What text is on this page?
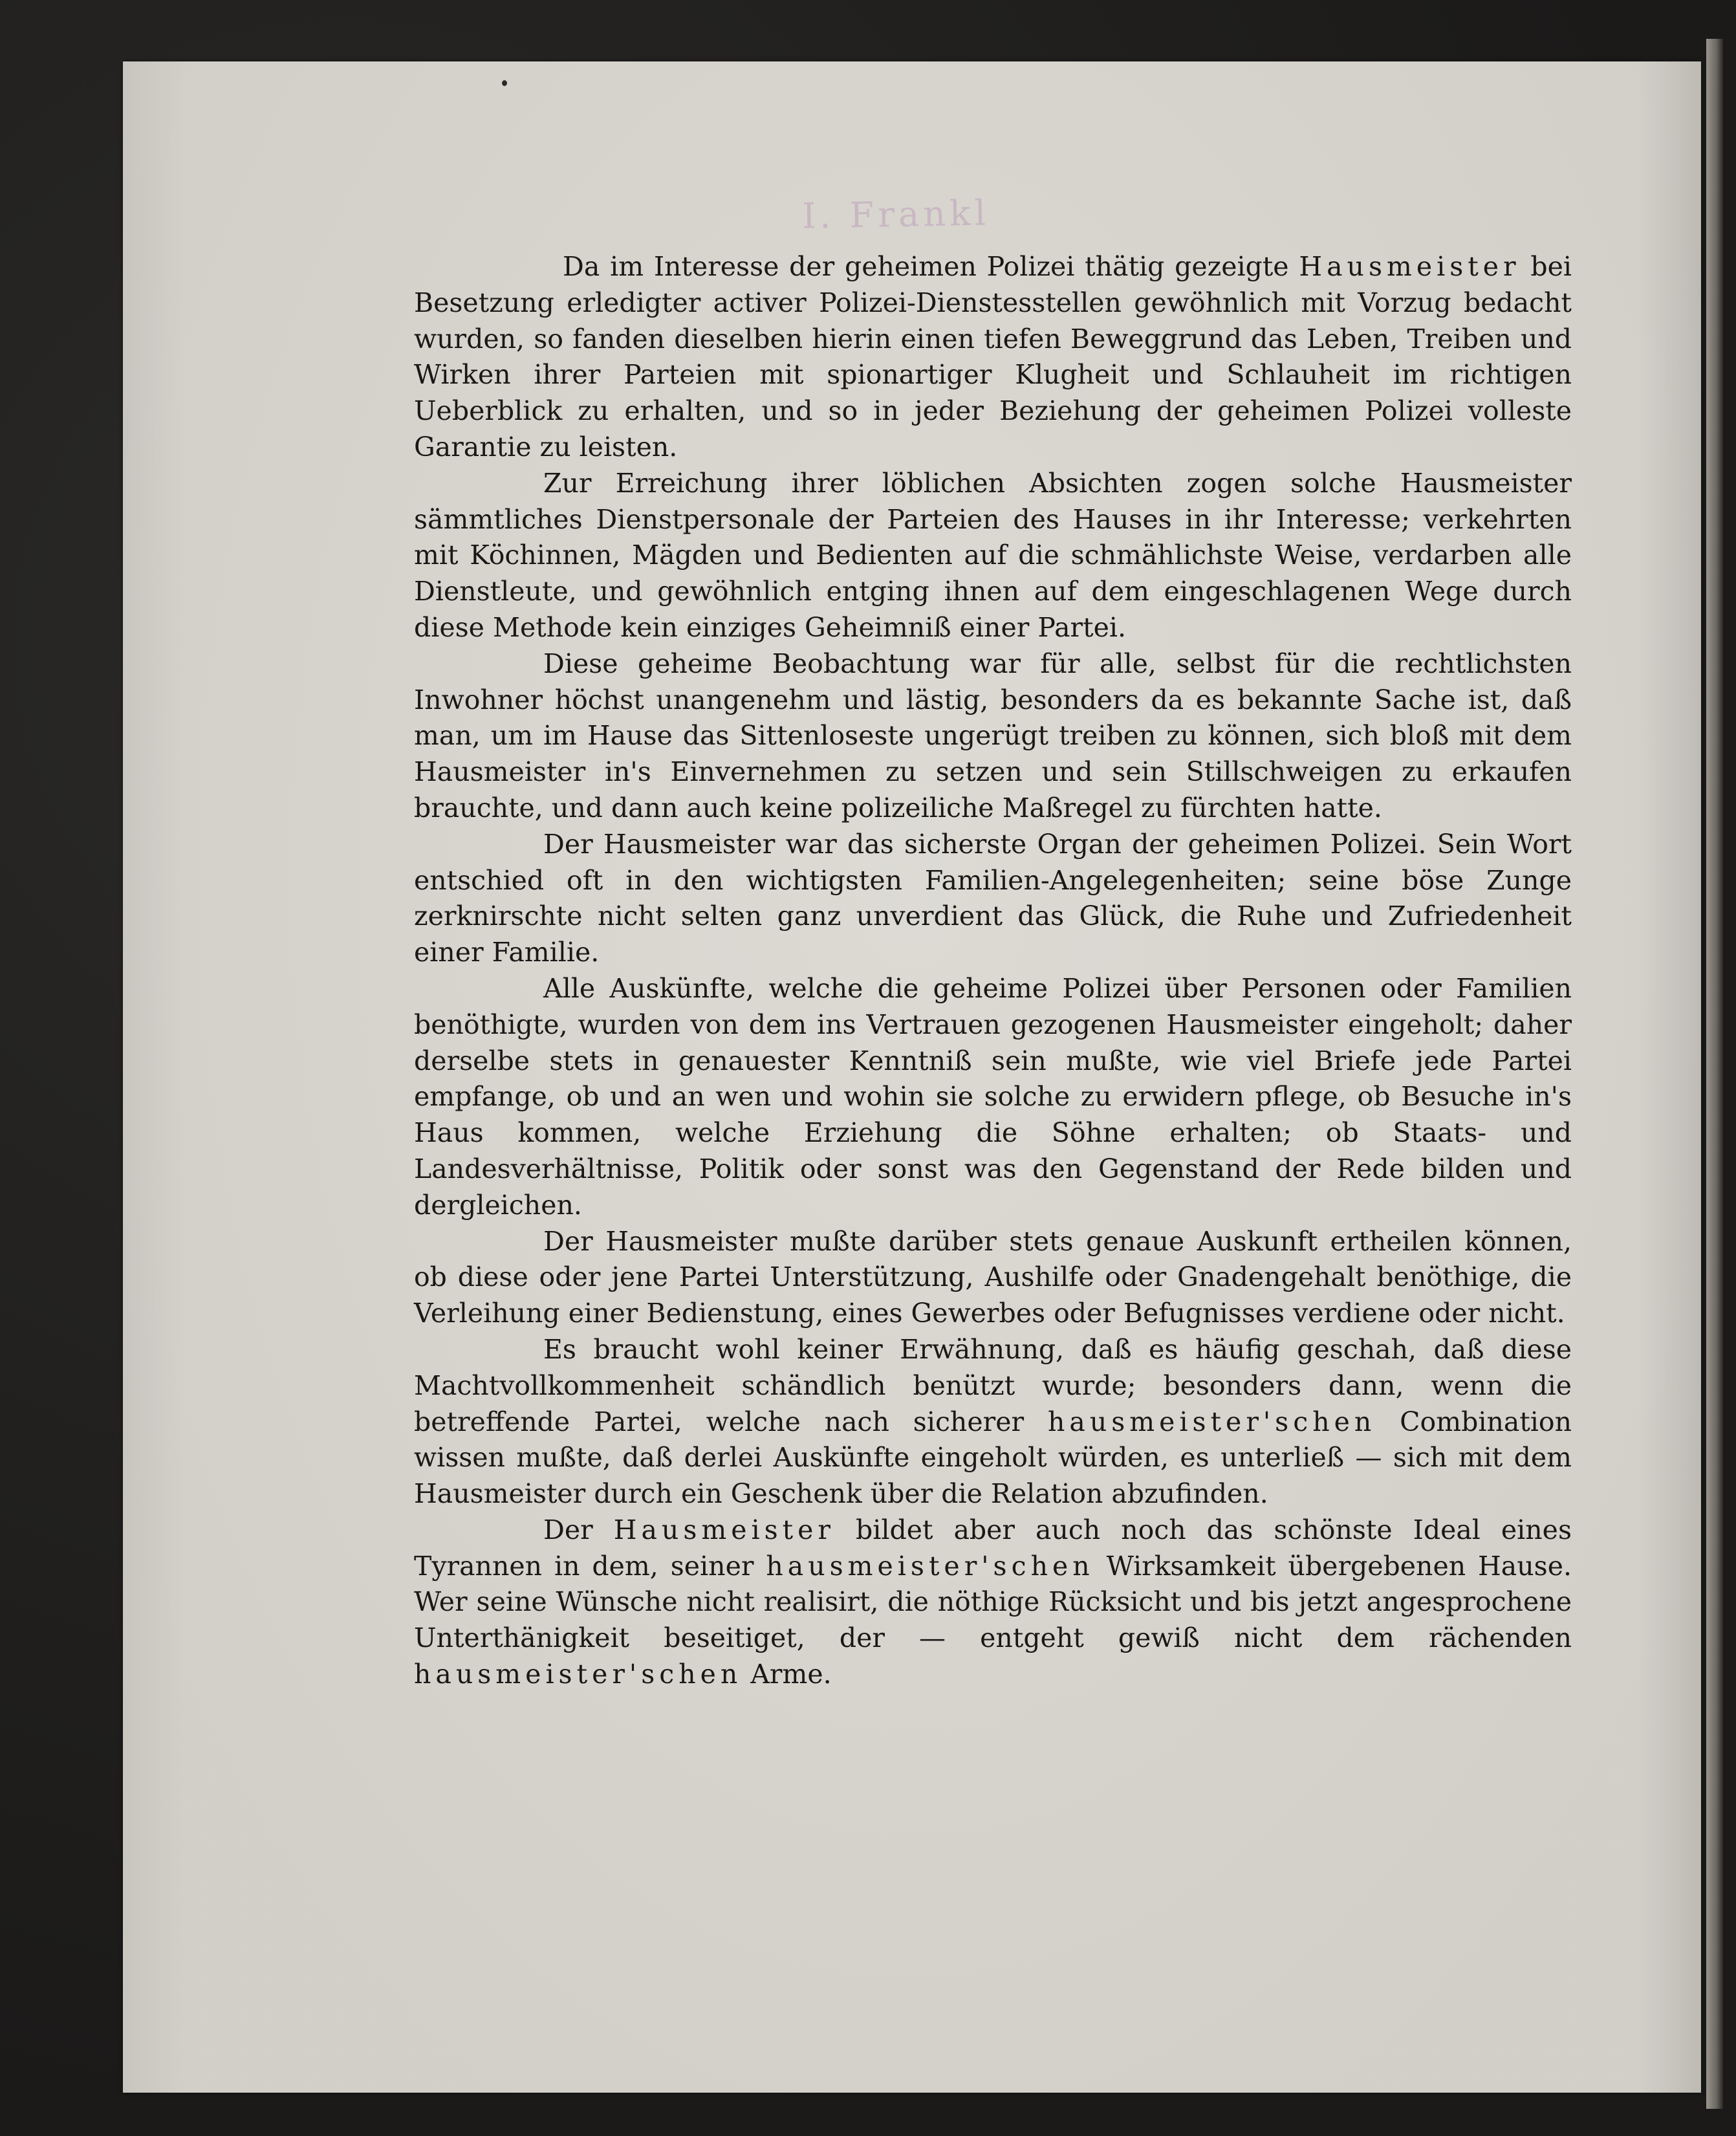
I. Frankl

Da im Interesse der geheimen Polizei thätig gezeigte Hausmeister bei Besetzung erledigter activer Polizei-Dienstesstellen gewöhnlich mit Vorzug bedacht wurden, so fanden dieselben hierin einen tiefen Beweggrund das Leben, Treiben und Wirken ihrer Parteien mit spionartiger Klugheit und Schlauheit im richtigen Ueberblick zu erhalten, und so in jeder Beziehung der geheimen Polizei volleste Garantie zu leisten.

Zur Erreichung ihrer löblichen Absichten zogen solche Hausmeister sämmtliches Dienstpersonale der Parteien des Hauses in ihr Interesse; verkehrten mit Köchinnen, Mägden und Bedienten auf die schmählichste Weise, verdarben alle Dienstleute, und gewöhnlich entging ihnen auf dem eingeschlagenen Wege durch diese Methode kein einziges Geheimniß einer Partei.

Diese geheime Beobachtung war für alle, selbst für die rechtlichsten Inwohner höchst unangenehm und lästig, besonders da es bekannte Sache ist, daß man, um im Hause das Sittenloseste ungerügt treiben zu können, sich bloß mit dem Hausmeister in's Einvernehmen zu setzen und sein Stillschweigen zu erkaufen brauchte, und dann auch keine polizeiliche Maßregel zu fürchten hatte.

Der Hausmeister war das sicherste Organ der geheimen Polizei. Sein Wort entschied oft in den wichtigsten Familien-Angelegenheiten; seine böse Zunge zerknirschte nicht selten ganz unverdient das Glück, die Ruhe und Zufriedenheit einer Familie.

Alle Auskünfte, welche die geheime Polizei über Personen oder Familien benöthigte, wurden von dem ins Vertrauen gezogenen Hausmeister eingeholt; daher derselbe stets in genauester Kenntniß sein mußte, wie viel Briefe jede Partei empfange, ob und an wen und wohin sie solche zu erwidern pflege, ob Besuche in's Haus kommen, welche Erziehung die Söhne erhalten; ob Staats- und Landesverhältnisse, Politik oder sonst was den Gegenstand der Rede bilden und dergleichen.

Der Hausmeister mußte darüber stets genaue Auskunft ertheilen können, ob diese oder jene Partei Unterstützung, Aushilfe oder Gnadengehalt benöthige, die Verleihung einer Bedienstung, eines Gewerbes oder Befugnisses verdiene oder nicht.

Es braucht wohl keiner Erwähnung, daß es häufig geschah, daß diese Machtvollkommenheit schändlich benützt wurde; besonders dann, wenn die betreffende Partei, welche nach sicherer hausmeister'schen Combination wissen mußte, daß derlei Auskünfte eingeholt würden, es unterließ — sich mit dem Hausmeister durch ein Geschenk über die Relation abzufinden.

Der Hausmeister bildet aber auch noch das schönste Ideal eines Tyrannen in dem, seiner hausmeister'schen Wirksamkeit übergebenen Hause. Wer seine Wünsche nicht realisirt, die nöthige Rücksicht und bis jetzt angesprochene Unterthänigkeit beseitiget, der — entgeht gewiß nicht dem rächenden hausmeister'schen Arme.
